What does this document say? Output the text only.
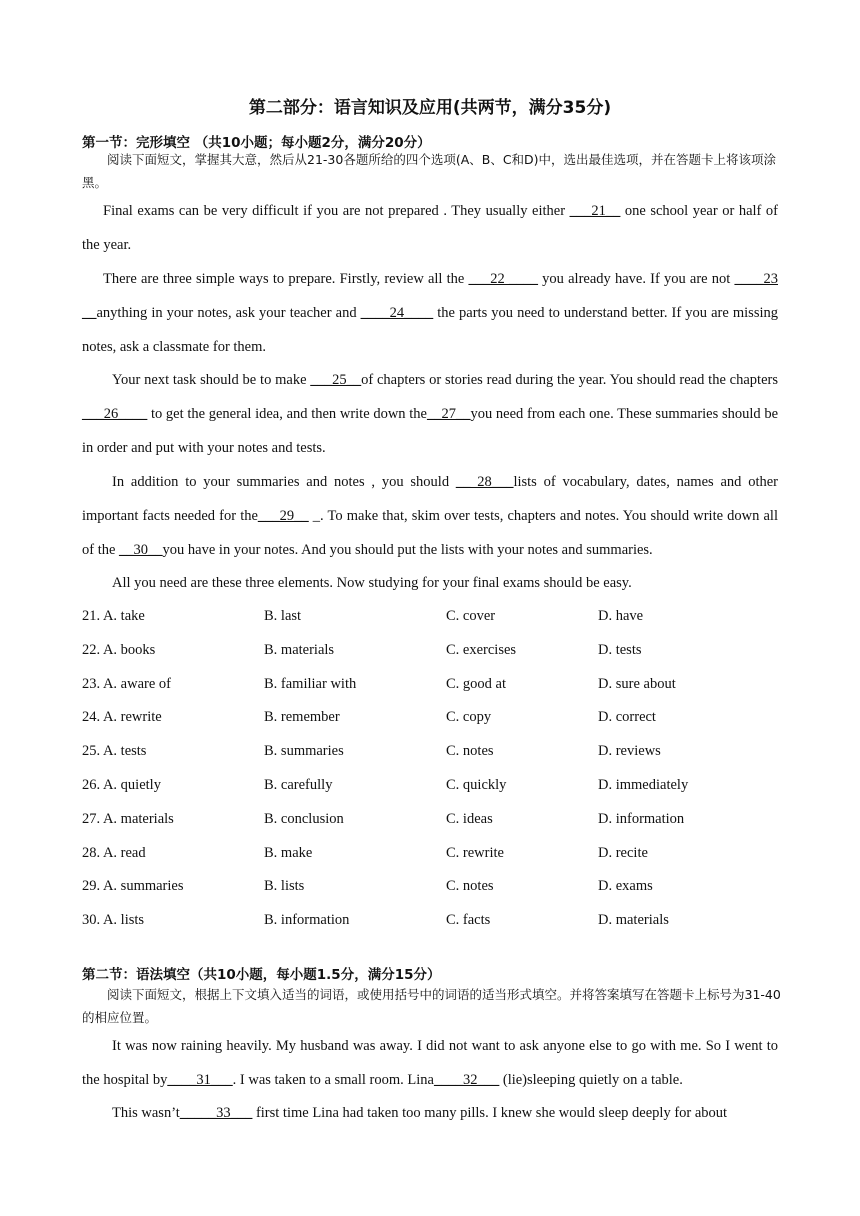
第二部分：语言知识及应用(共两节，满分35分)
第一节：完形填空 （共10小题；每小题2分，满分20分）
阅读下面短文，掌握其大意，然后从21-30各题所给的四个选项(A、B、C和D)中，选出最佳选项，并在答题卡上将该项涂黑。
Final exams can be very difficult if you are not prepared . They usually either ___21__ one school year or half of the year.
There are three simple ways to prepare. Firstly, review all the ___22 ____ you already have. If you are not ____23 __anything in your notes, ask your teacher and ____24____ the parts you need to understand better. If you are missing notes, ask a classmate for them.
Your next task should be to make ___25__of chapters or stories read during the year. You should read the chapters ___26____ to get the general idea, and then write down the__27__you need from each one. These summaries should be in order and put with your notes and tests.
In addition to your summaries and notes , you should __ 28___lists of vocabulary, dates, names and other important facts needed for the___29__ _. To make that, skim over tests, chapters and notes. You should write down all of the __30__you have in your notes. And you should put the lists with your notes and summaries.
All you need are these three elements. Now studying for your final exams should be easy.
21. A. take	B. last	C. cover	D. have
22. A. books	B. materials	C. exercises	D. tests
23. A. aware of	B. familiar with	C. good at	D. sure about
24. A. rewrite	B. remember	C. copy	D. correct
25. A. tests	B. summaries	C. notes	D. reviews
26. A. quietly	B. carefully	C. quickly	D. immediately
27. A. materials	B. conclusion	C. ideas	D. information
28. A. read	B. make	C. rewrite	D. recite
29. A. summaries	B. lists	C. notes	D. exams
30. A. lists	B. information	C. facts	D. materials
第二节：语法填空（共10小题，每小题1.5分，满分15分）
阅读下面短文，根据上下文填入适当的词语，或使用括号中的词语的适当形式填空。并将答案填写在答题卡上标号为31-40的相应位置。
It was now raining heavily. My husband was away. I did not want to ask anyone else to go with me. So I went to the hospital by____31___. I was taken to a small room. Lina____32___ (lie)sleeping quietly on a table.
This wasn’t_____33___ first time Lina had taken too many pills. I knew she would sleep deeply for about
